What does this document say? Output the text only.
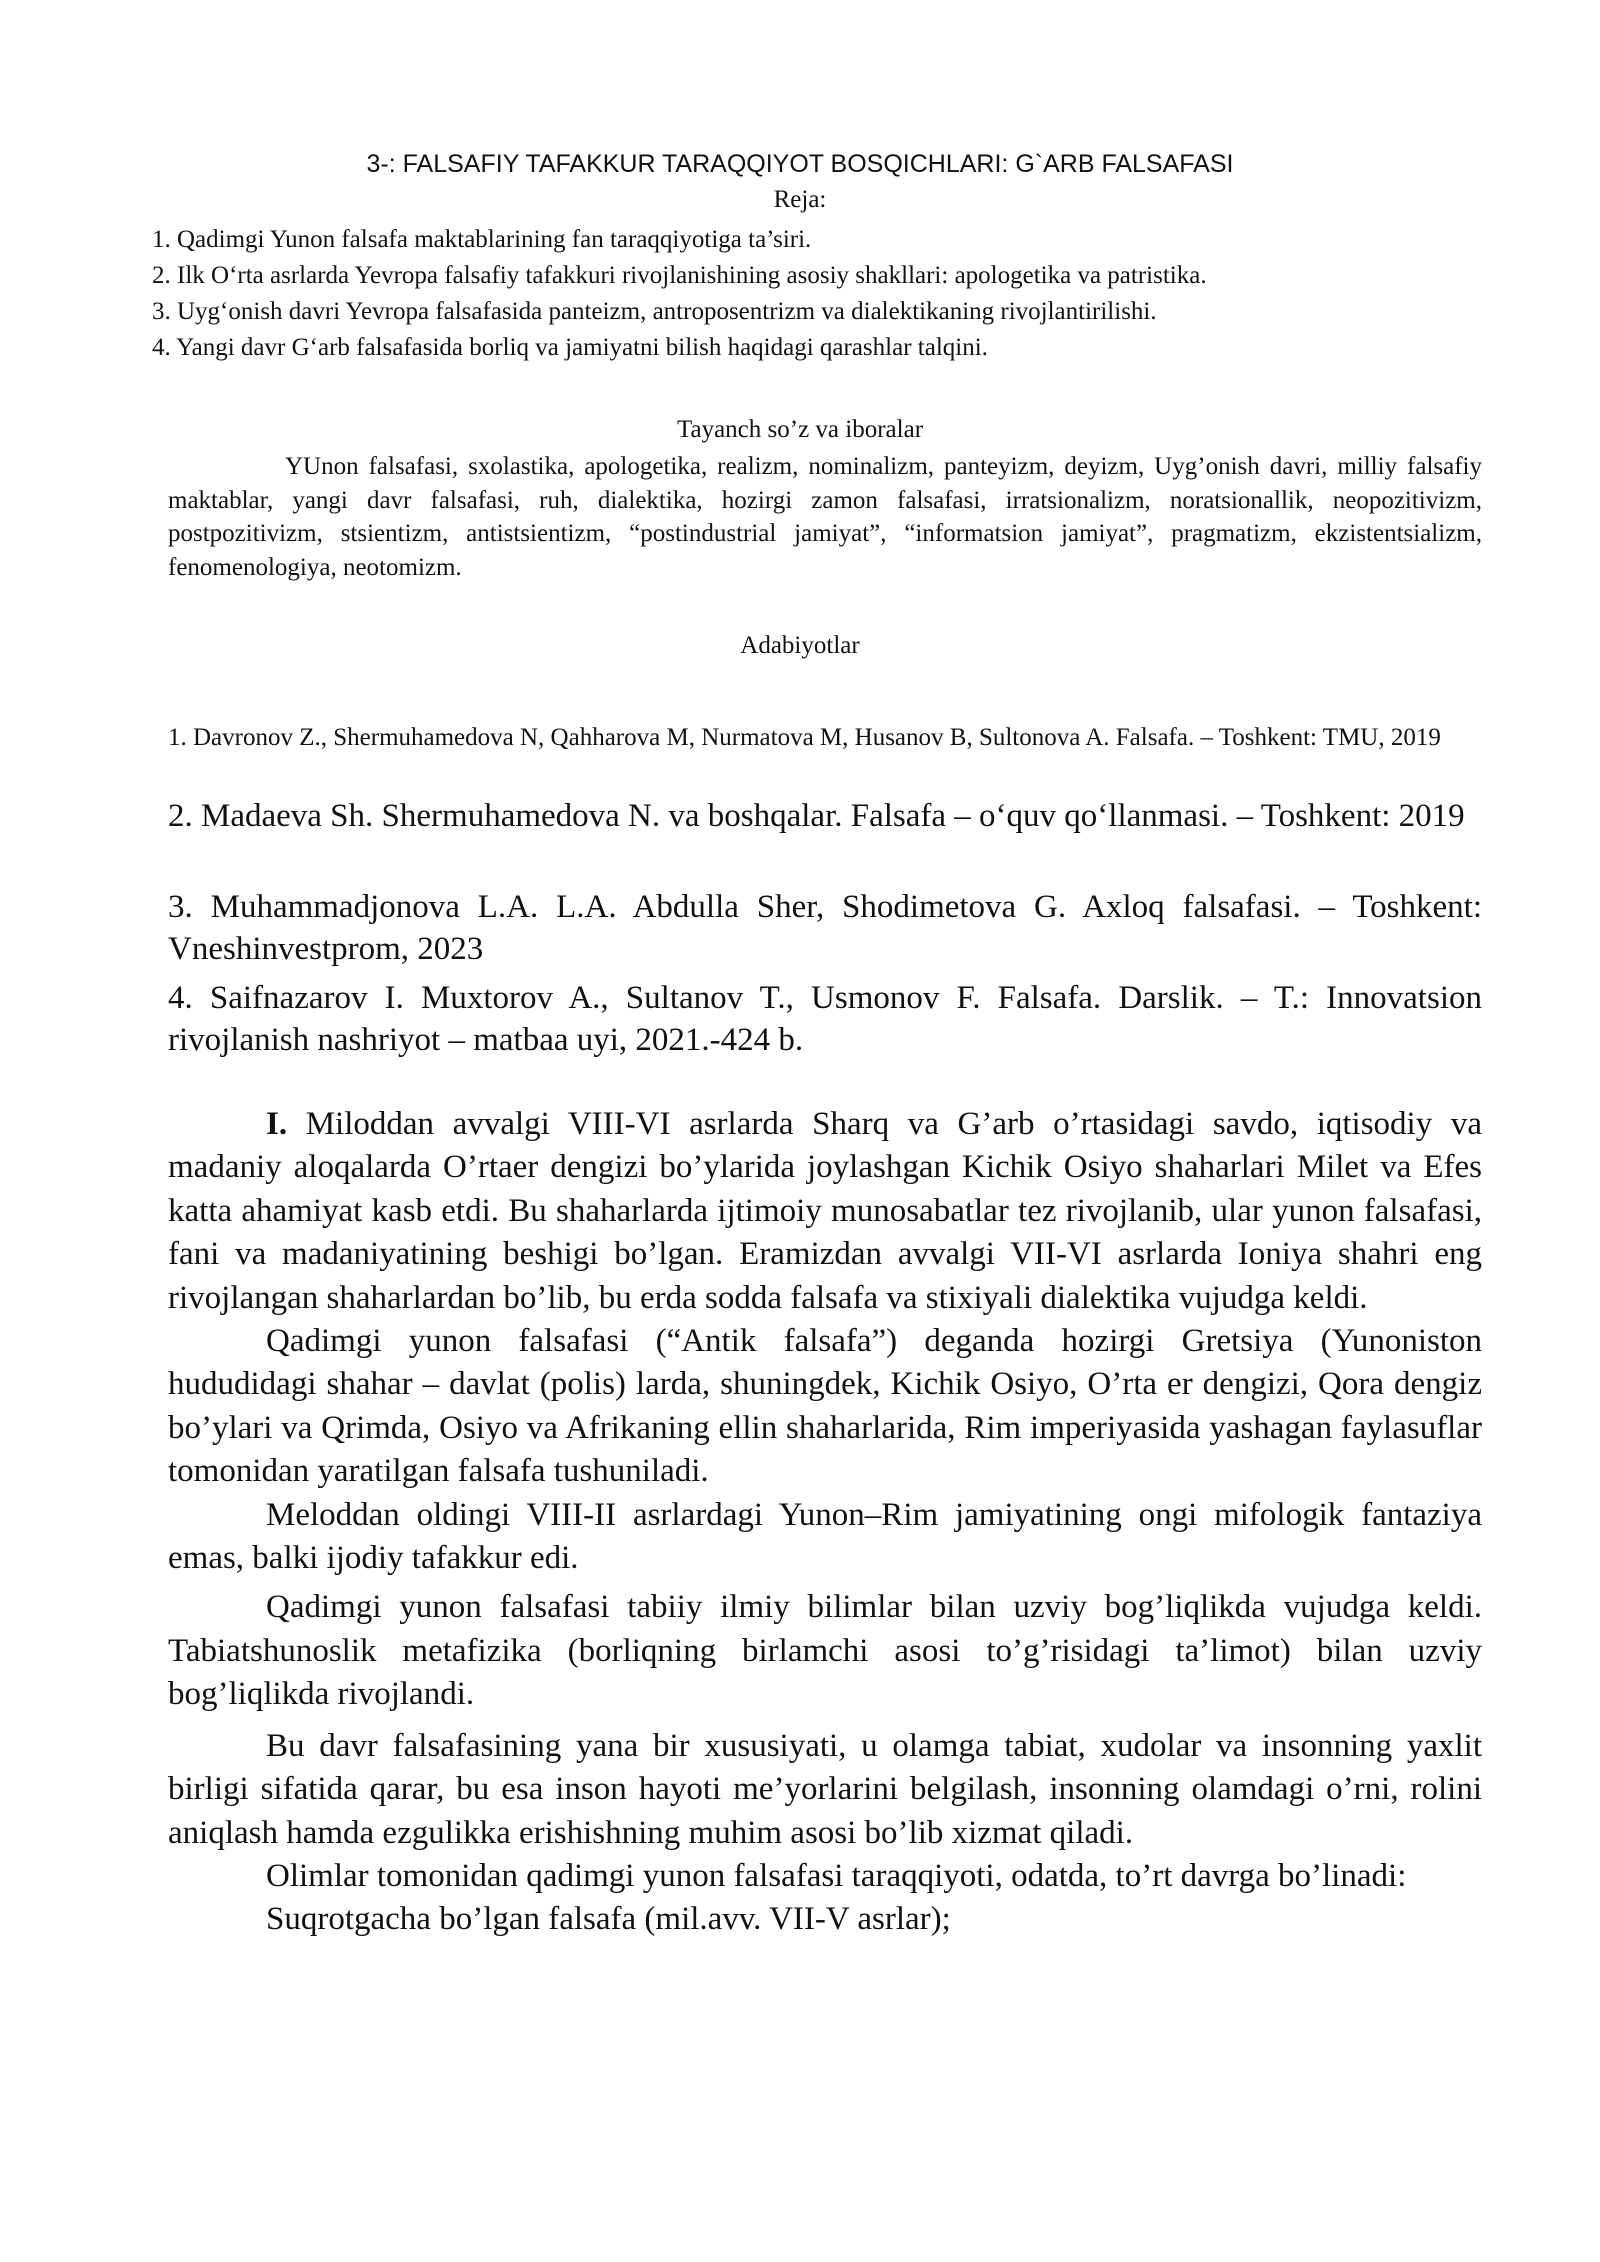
3-: FALSAFIY TAFAKKUR TARAQQIYOT BOSQICHLARI: G`ARB FALSAFASI
Reja:
1. Qadimgi Yunon falsafa maktablarining fan taraqqiyotiga ta’siri.
2. Ilk O‘rta asrlarda Yevropa falsafiy tafakkuri rivojlanishining asosiy shakllari: apologetika va patristika.
3. Uyg‘onish davri Yevropa falsafasida panteizm, antroposentrizm va dialektikaning rivojlantirilishi.
4. Yangi davr G‘arb falsafasida borliq va jamiyatni bilish haqidagi qarashlar talqini.
Tayanch so’z va iboralar

YUnon falsafasi, sxolastika, apologetika, realizm, nominalizm, panteyizm, deyizm, Uyg’onish davri, milliy falsafiy maktablar, yangi davr falsafasi, ruh, dialektika, hozirgi zamon falsafasi, irratsionalizm, noratsionallik, neopozitivizm, postpozitivizm, stsientizm, antistsientizm, “postindustrial jamiyat”, “informatsion jamiyat”, pragmatizm, ekzistentsializm, fenomenologiya, neotomizm.

Adabiyotlar

1. Davronov Z., Shermuhamedova N, Qahharova M, Nurmatova M, Husanov B, Sultonova A. Falsafa. – Toshkent: TMU, 2019

2. Madaeva Sh. Shermuhamedova N. va boshqalar. Falsafa – o‘quv qo‘llanmasi. – Toshkent: 2019

3. Muhammadjonova L.A. L.A. Abdulla Sher, Shodimetova G. Axloq falsafasi. – Toshkent: Vneshinvestprom, 2023

4. Saifnazarov I. Muxtorov A., Sultanov T., Usmonov F. Falsafa. Darslik. – T.: Innovatsion rivojlanish nashriyot – matbaa uyi, 2021.-424 b.

I. Miloddan avvalgi VIII-VI asrlarda Sharq va G’arb o’rtasidagi savdo, iqtisodiy va madaniy aloqalarda O’rtaer dengizi bo’ylarida joylashgan Kichik Osiyo shaharlari Milet va Efes katta ahamiyat kasb etdi. Bu shaharlarda ijtimoiy munosabatlar tez rivojlanib, ular yunon falsafasi, fani va madaniyatining beshigi bo’lgan. Eramizdan avvalgi VII-VI asrlarda Ioniya shahri eng rivojlangan shaharlardan bo’lib, bu erda sodda falsafa va stixiyali dialektika vujudga keldi.

Qadimgi yunon falsafasi (“Antik falsafa”) deganda hozirgi Gretsiya (Yunoniston hududidagi shahar – davlat (polis) larda, shuningdek, Kichik Osiyo, O’rta er dengizi, Qora dengiz bo’ylari va Qrimda, Osiyo va Afrikaning ellin shaharlarida, Rim imperiyasida yashagan faylasuflar tomonidan yaratilgan falsafa tushuniladi.

Meloddan oldingi VIII-II asrlardagi Yunon–Rim jamiyatining ongi mifologik fantaziya emas, balki ijodiy tafakkur edi.

Qadimgi yunon falsafasi tabiiy ilmiy bilimlar bilan uzviy bog’liqlikda vujudga keldi. Tabiatshunoslik metafizika (borliqning birlamchi asosi to’g’risidagi ta’limot) bilan uzviy bog’liqlikda rivojlandi.

Bu davr falsafasining yana bir xususiyati, u olamga tabiat, xudolar va insonning yaxlit birligi sifatida qarar, bu esa inson hayoti me’yorlarini belgilash, insonning olamdagi o’rni, rolini aniqlash hamda ezgulikka erishishning muhim asosi bo’lib xizmat qiladi.

Olimlar tomonidan qadimgi yunon falsafasi taraqqiyoti, odatda, to’rt davrga bo’linadi:

Suqrotgacha bo’lgan falsafa (mil.avv. VII-V asrlar);
